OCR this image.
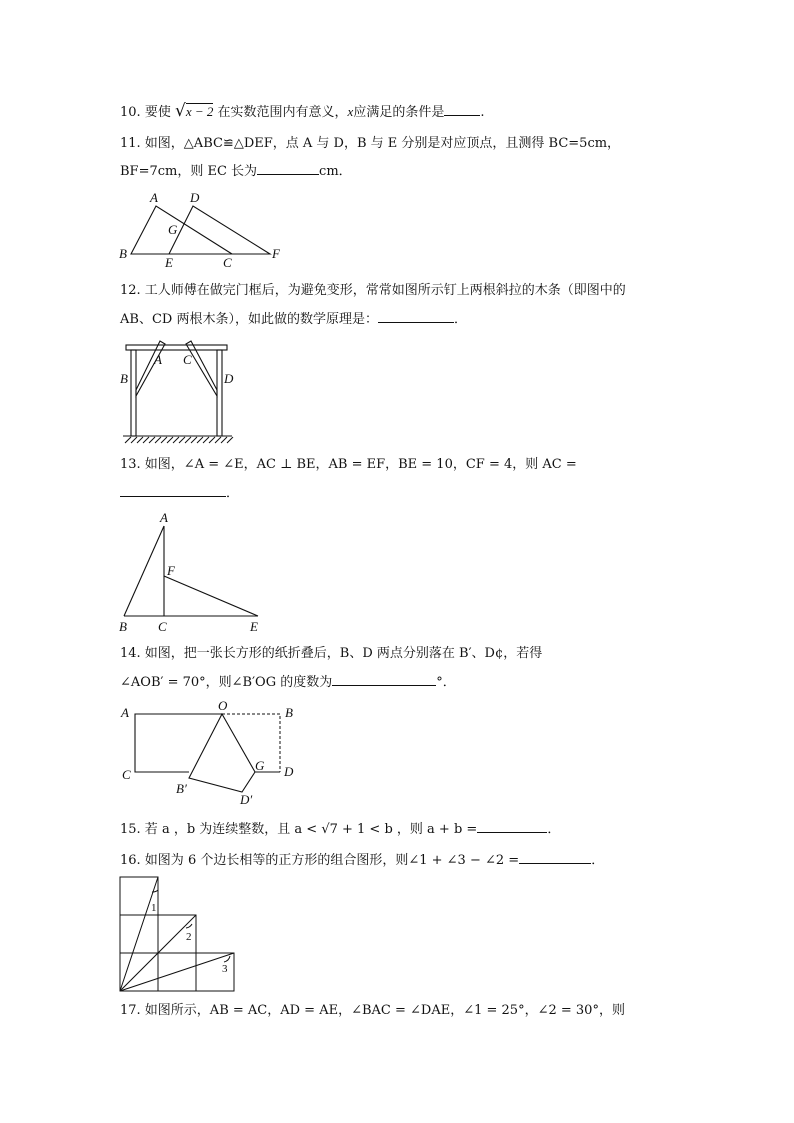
10. 要使 √x − 2 在实数范围内有意义，x应满足的条件是	.
11. 如图，△ABC≌△DEF，点 A 与 D，B 与 E 分别是对应顶点，且测得 BC=5cm，
BF=7cm，则 EC 长为	cm．
A D
G
B
E	C
F
12. 工人师傅在做完门框后，为避免变形，常常如图所示钉上两根斜拉的木条（即图中的
AB、CD 两根木条），如此做的数学原理是：	．
A
B
C
D
13. 如图，∠A = ∠E，AC ⊥ BE，AB = EF，BE = 10，CF = 4，则 AC =
．
A
F
B C	E
14. 如图，把一张长方形的纸折叠后，B、D 两点分别落在 B′、D¢，若得
∠AOB′ = 70°，则∠B′OG 的度数为	°．
A	O	B
C
G D
B′
D′
15. 若 a ，b 为连续整数，且 a < √7 + 1 < b ，则 a + b =	．
16. 如图为 6 个边长相等的正方形的组合图形，则∠1 + ∠3 − ∠2 =	．
1
2
3
17. 如图所示，AB = AC，AD = AE，∠BAC = ∠DAE，∠1 = 25°，∠2 = 30°，则
